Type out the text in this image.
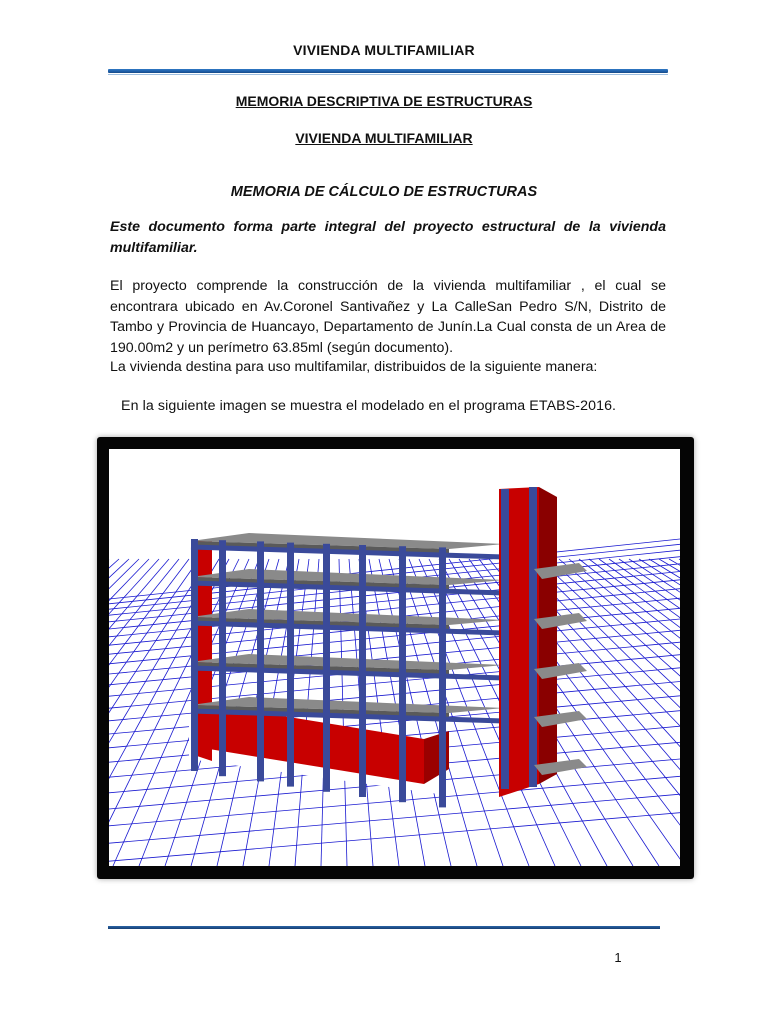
VIVIENDA MULTIFAMILIAR
MEMORIA DESCRIPTIVA DE ESTRUCTURAS
VIVIENDA MULTIFAMILIAR
MEMORIA DE CÁLCULO DE ESTRUCTURAS
Este documento forma parte integral del proyecto estructural de la vivienda multifamiliar.
El proyecto comprende la construcción de la vivienda multifamiliar , el cual se encontrara ubicado en Av.Coronel Santivañez y La CalleSan Pedro S/N, Distrito de Tambo y Provincia de Huancayo, Departamento de Junín.La Cual consta de un Area de 190.00m2 y un perímetro 63.85ml (según documento).
La vivienda destina para uso multifamilar, distribuidos de la siguiente manera:
En la siguiente imagen se muestra el modelado en el programa ETABS-2016.
1
